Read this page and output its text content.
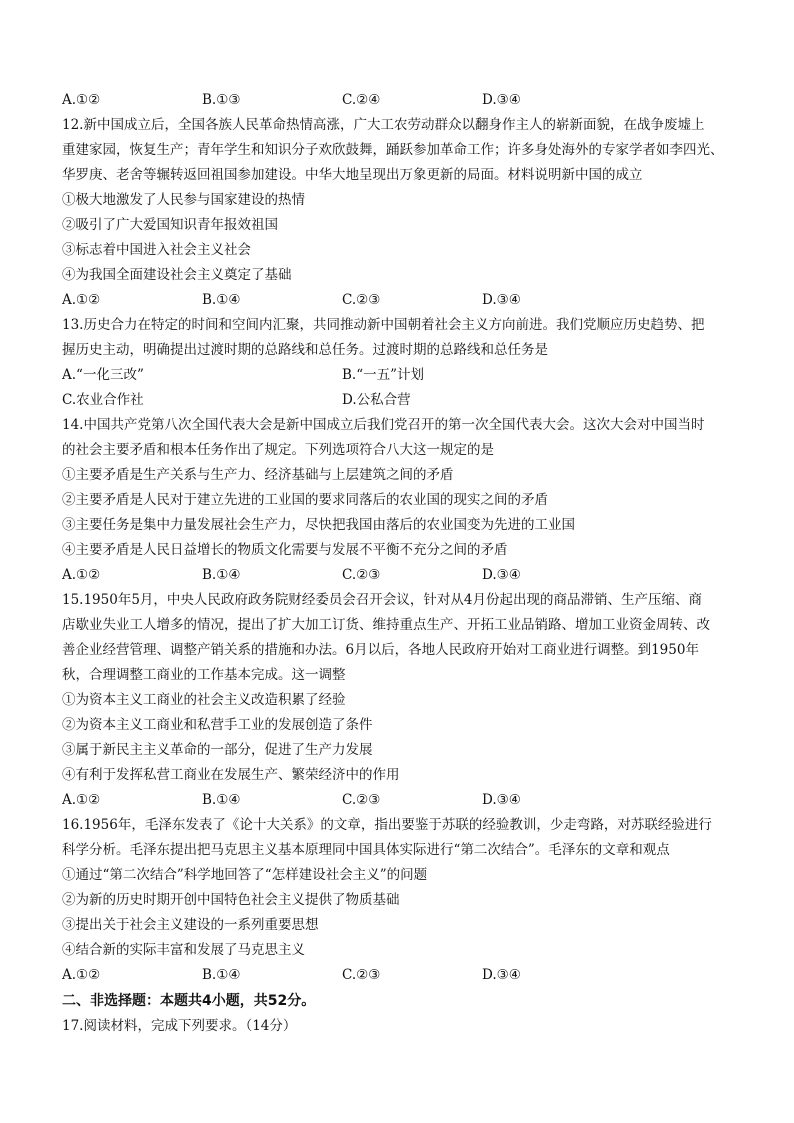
A.①②	B.①③	C.②④	D.③④
12.新中国成立后，全国各族人民革命热情高涨，广大工农劳动群众以翻身作主人的崭新面貌，在战争废墟上
重建家园，恢复生产；青年学生和知识分子欢欣鼓舞，踊跃参加革命工作；许多身处海外的专家学者如李四光、
华罗庚、老舍等辗转返回祖国参加建设。中华大地呈现出万象更新的局面。材料说明新中国的成立
①极大地激发了人民参与国家建设的热情
②吸引了广大爱国知识青年报效祖国
③标志着中国进入社会主义社会
④为我国全面建设社会主义奠定了基础
A.①②	B.①④	C.②③	D.③④
13.历史合力在特定的时间和空间内汇聚，共同推动新中国朝着社会主义方向前进。我们党顺应历史趋势、把
握历史主动，明确提出过渡时期的总路线和总任务。过渡时期的总路线和总任务是
A.“一化三改”	B.“一五”计划
C.农业合作社	D.公私合营
14.中国共产党第八次全国代表大会是新中国成立后我们党召开的第一次全国代表大会。这次大会对中国当时
的社会主要矛盾和根本任务作出了规定。下列选项符合八大这一规定的是
①主要矛盾是生产关系与生产力、经济基础与上层建筑之间的矛盾
②主要矛盾是人民对于建立先进的工业国的要求同落后的农业国的现实之间的矛盾
③主要任务是集中力量发展社会生产力，尽快把我国由落后的农业国变为先进的工业国
④主要矛盾是人民日益增长的物质文化需要与发展不平衡不充分之间的矛盾
A.①②	B.①④	C.②③	D.③④
15.1950年5月，中央人民政府政务院财经委员会召开会议，针对从4月份起出现的商品滞销、生产压缩、商
店歇业失业工人增多的情况，提出了扩大加工订货、维持重点生产、开拓工业品销路、增加工业资金周转、改
善企业经营管理、调整产销关系的措施和办法。6月以后，各地人民政府开始对工商业进行调整。到1950年
秋，合理调整工商业的工作基本完成。这一调整
①为资本主义工商业的社会主义改造积累了经验
②为资本主义工商业和私营手工业的发展创造了条件
③属于新民主主义革命的一部分，促进了生产力发展
④有利于发挥私营工商业在发展生产、繁荣经济中的作用
A.①②	B.①④	C.②③	D.③④
16.1956年，毛泽东发表了《论十大关系》的文章，指出要鉴于苏联的经验教训，少走弯路，对苏联经验进行
科学分析。毛泽东提出把马克思主义基本原理同中国具体实际进行“第二次结合”。毛泽东的文章和观点
①通过“第二次结合”科学地回答了“怎样建设社会主义”的问题
②为新的历史时期开创中国特色社会主义提供了物质基础
③提出关于社会主义建设的一系列重要思想
④结合新的实际丰富和发展了马克思主义
A.①②	B.①④	C.②③	D.③④
二、非选择题：本题共4小题，共52分。
17.阅读材料，完成下列要求。（14分）
